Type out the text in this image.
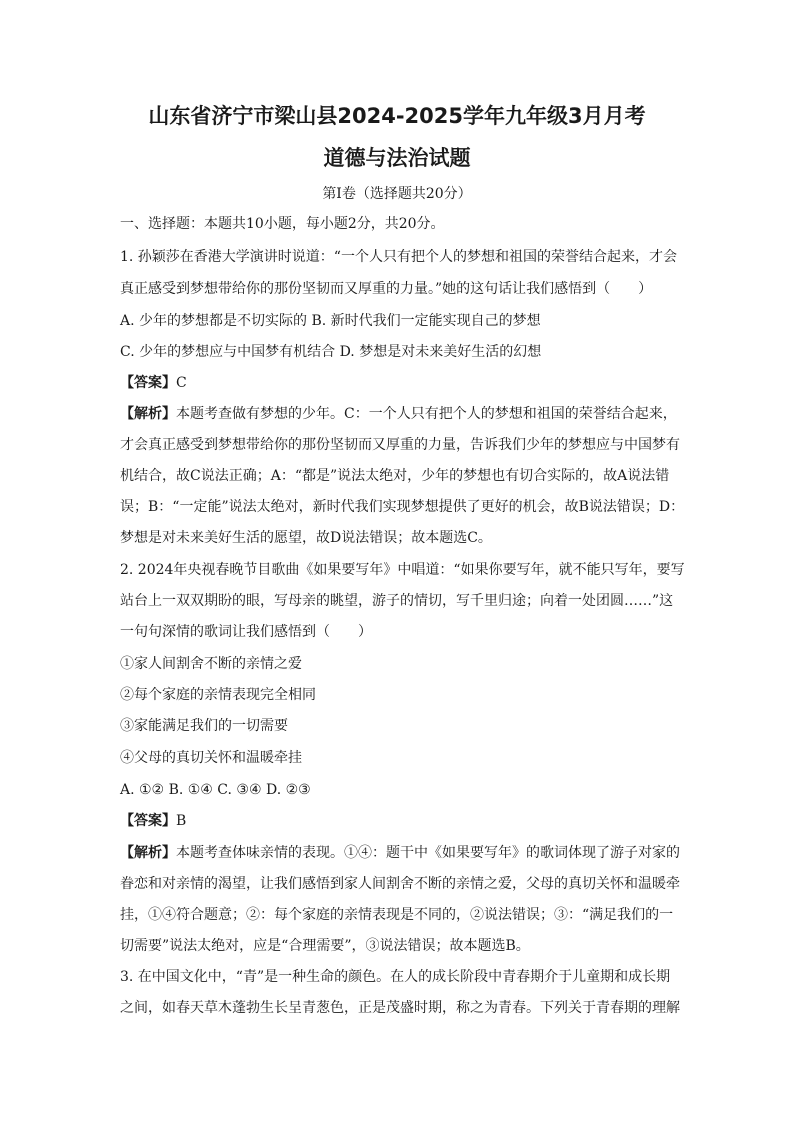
山东省济宁市梁山县2024-2025学年九年级3月月考
道德与法治试题
第Ⅰ卷（选择题共20分）
一、选择题：本题共10小题，每小题2分，共20分。
1. 孙颖莎在香港大学演讲时说道：“一个人只有把个人的梦想和祖国的荣誉结合起来，才会
真正感受到梦想带给你的那份坚韧而又厚重的力量。”她的这句话让我们感悟到（　　）
A. 少年的梦想都是不切实际的 B. 新时代我们一定能实现自己的梦想
C. 少年的梦想应与中国梦有机结合 D. 梦想是对未来美好生活的幻想
【答案】C
【解析】本题考查做有梦想的少年。C：一个人只有把个人的梦想和祖国的荣誉结合起来，
才会真正感受到梦想带给你的那份坚韧而又厚重的力量，告诉我们少年的梦想应与中国梦有
机结合，故C说法正确；A：“都是”说法太绝对，少年的梦想也有切合实际的，故A说法错
误；B：“一定能”说法太绝对，新时代我们实现梦想提供了更好的机会，故B说法错误；D：
梦想是对未来美好生活的愿望，故D说法错误；故本题选C。
2. 2024年央视春晚节目歌曲《如果要写年》中唱道：“如果你要写年，就不能只写年，要写
站台上一双双期盼的眼，写母亲的眺望，游子的情切，写千里归途；向着一处团圆……”这
一句句深情的歌词让我们感悟到（　　）
①家人间割舍不断的亲情之爱
②每个家庭的亲情表现完全相同
③家能满足我们的一切需要
④父母的真切关怀和温暖牵挂
A. ①② B. ①④ C. ③④ D. ②③
【答案】B
【解析】本题考查体味亲情的表现。①④：题干中《如果要写年》的歌词体现了游子对家的
眷恋和对亲情的渴望，让我们感悟到家人间割舍不断的亲情之爱，父母的真切关怀和温暖牵
挂，①④符合题意；②：每个家庭的亲情表现是不同的，②说法错误；③：“满足我们的一
切需要”说法太绝对，应是“合理需要”，③说法错误；故本题选B。
3. 在中国文化中，“青”是一种生命的颜色。在人的成长阶段中青春期介于儿童期和成长期
之间，如春天草木蓬勃生长呈青葱色，正是茂盛时期，称之为青春。下列关于青春期的理解
